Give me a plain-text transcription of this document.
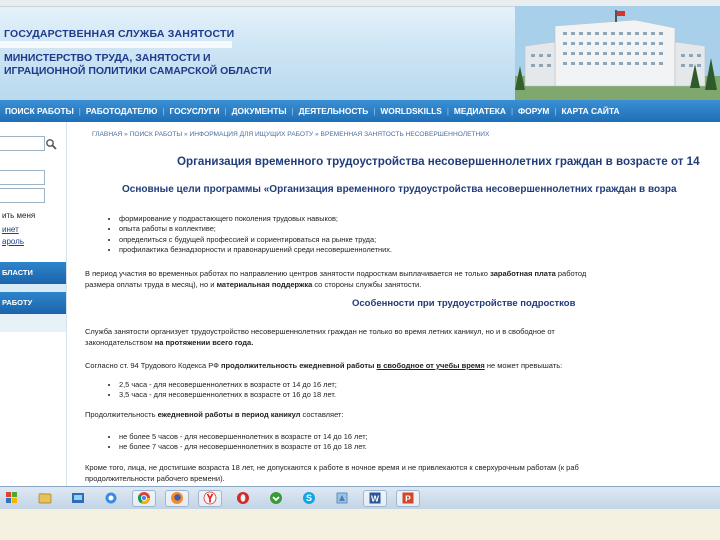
ГОСУДАРСТВЕННАЯ СЛУЖБА ЗАНЯТОСТИ
МИНИСТЕРСТВО ТРУДА, ЗАНЯТОСТИ И
ИГРАЦИОННОЙ ПОЛИТИКИ САМАРСКОЙ ОБЛАСТИ
ПОИСК РАБОТЫ | РАБОТОДАТЕЛЮ | ГОСУСЛУГИ | ДОКУМЕНТЫ | ДЕЯТЕЛЬНОСТЬ | WORLDSKILLS | МЕДИАТЕКА | ФОРУМ | КАРТА САЙТА
ить меня
инет
ароль
БЛАСТИ
РАБОТУ
ГЛАВНАЯ » ПОИСК РАБОТЫ » ИНФОРМАЦИЯ ДЛЯ ИЩУЩИХ РАБОТУ » ВРЕМЕННАЯ ЗАНЯТОСТЬ НЕСОВЕРШЕННОЛЕТНИХ
Организация временного трудоустройства несовершеннолетних граждан в возрасте от 14
Основные цели программы «Организация временного трудоустройства несовершеннолетних граждан в возра
• формирование у подрастающего поколения трудовых навыков;
• опыта работы в коллективе;
• определиться с будущей профессией и сориентироваться на рынке труда;
• профилактика безнадзорности и правонарушений среди несовершеннолетних.
В период участия во временных работах по направлению центров занятости подросткам выплачивается не только заработная плата работод
размера оплаты труда в месяц), но и материальная поддержка со стороны службы занятости.
Особенности при трудоустройстве подростков
Служба занятости организует трудоустройство несовершеннолетних граждан не только во время летних каникул, но и в свободное от
законодательством на протяжении всего года.
Согласно ст. 94 Трудового Кодекса РФ продолжительность ежедневной работы в свободное от учебы время не может превышать:
• 2,5 часа - для несовершеннолетних в возрасте от 14 до 16 лет;
• 3,5 часа - для несовершеннолетних в возрасте от 16 до 18 лет.
Продолжительность ежедневной работы в период каникул составляет:
• не более 5 часов - для несовершеннолетних в возрасте от 14 до 16 лет;
• не более 7 часов - для несовершеннолетних в возрасте от 16 до 18 лет.
Кроме того, лица, не достигшие возраста 18 лет, не допускаются к работе в ночное время и не привлекаются к сверхурочным работам (к раб
продолжительности рабочего времени).
S	W	P
